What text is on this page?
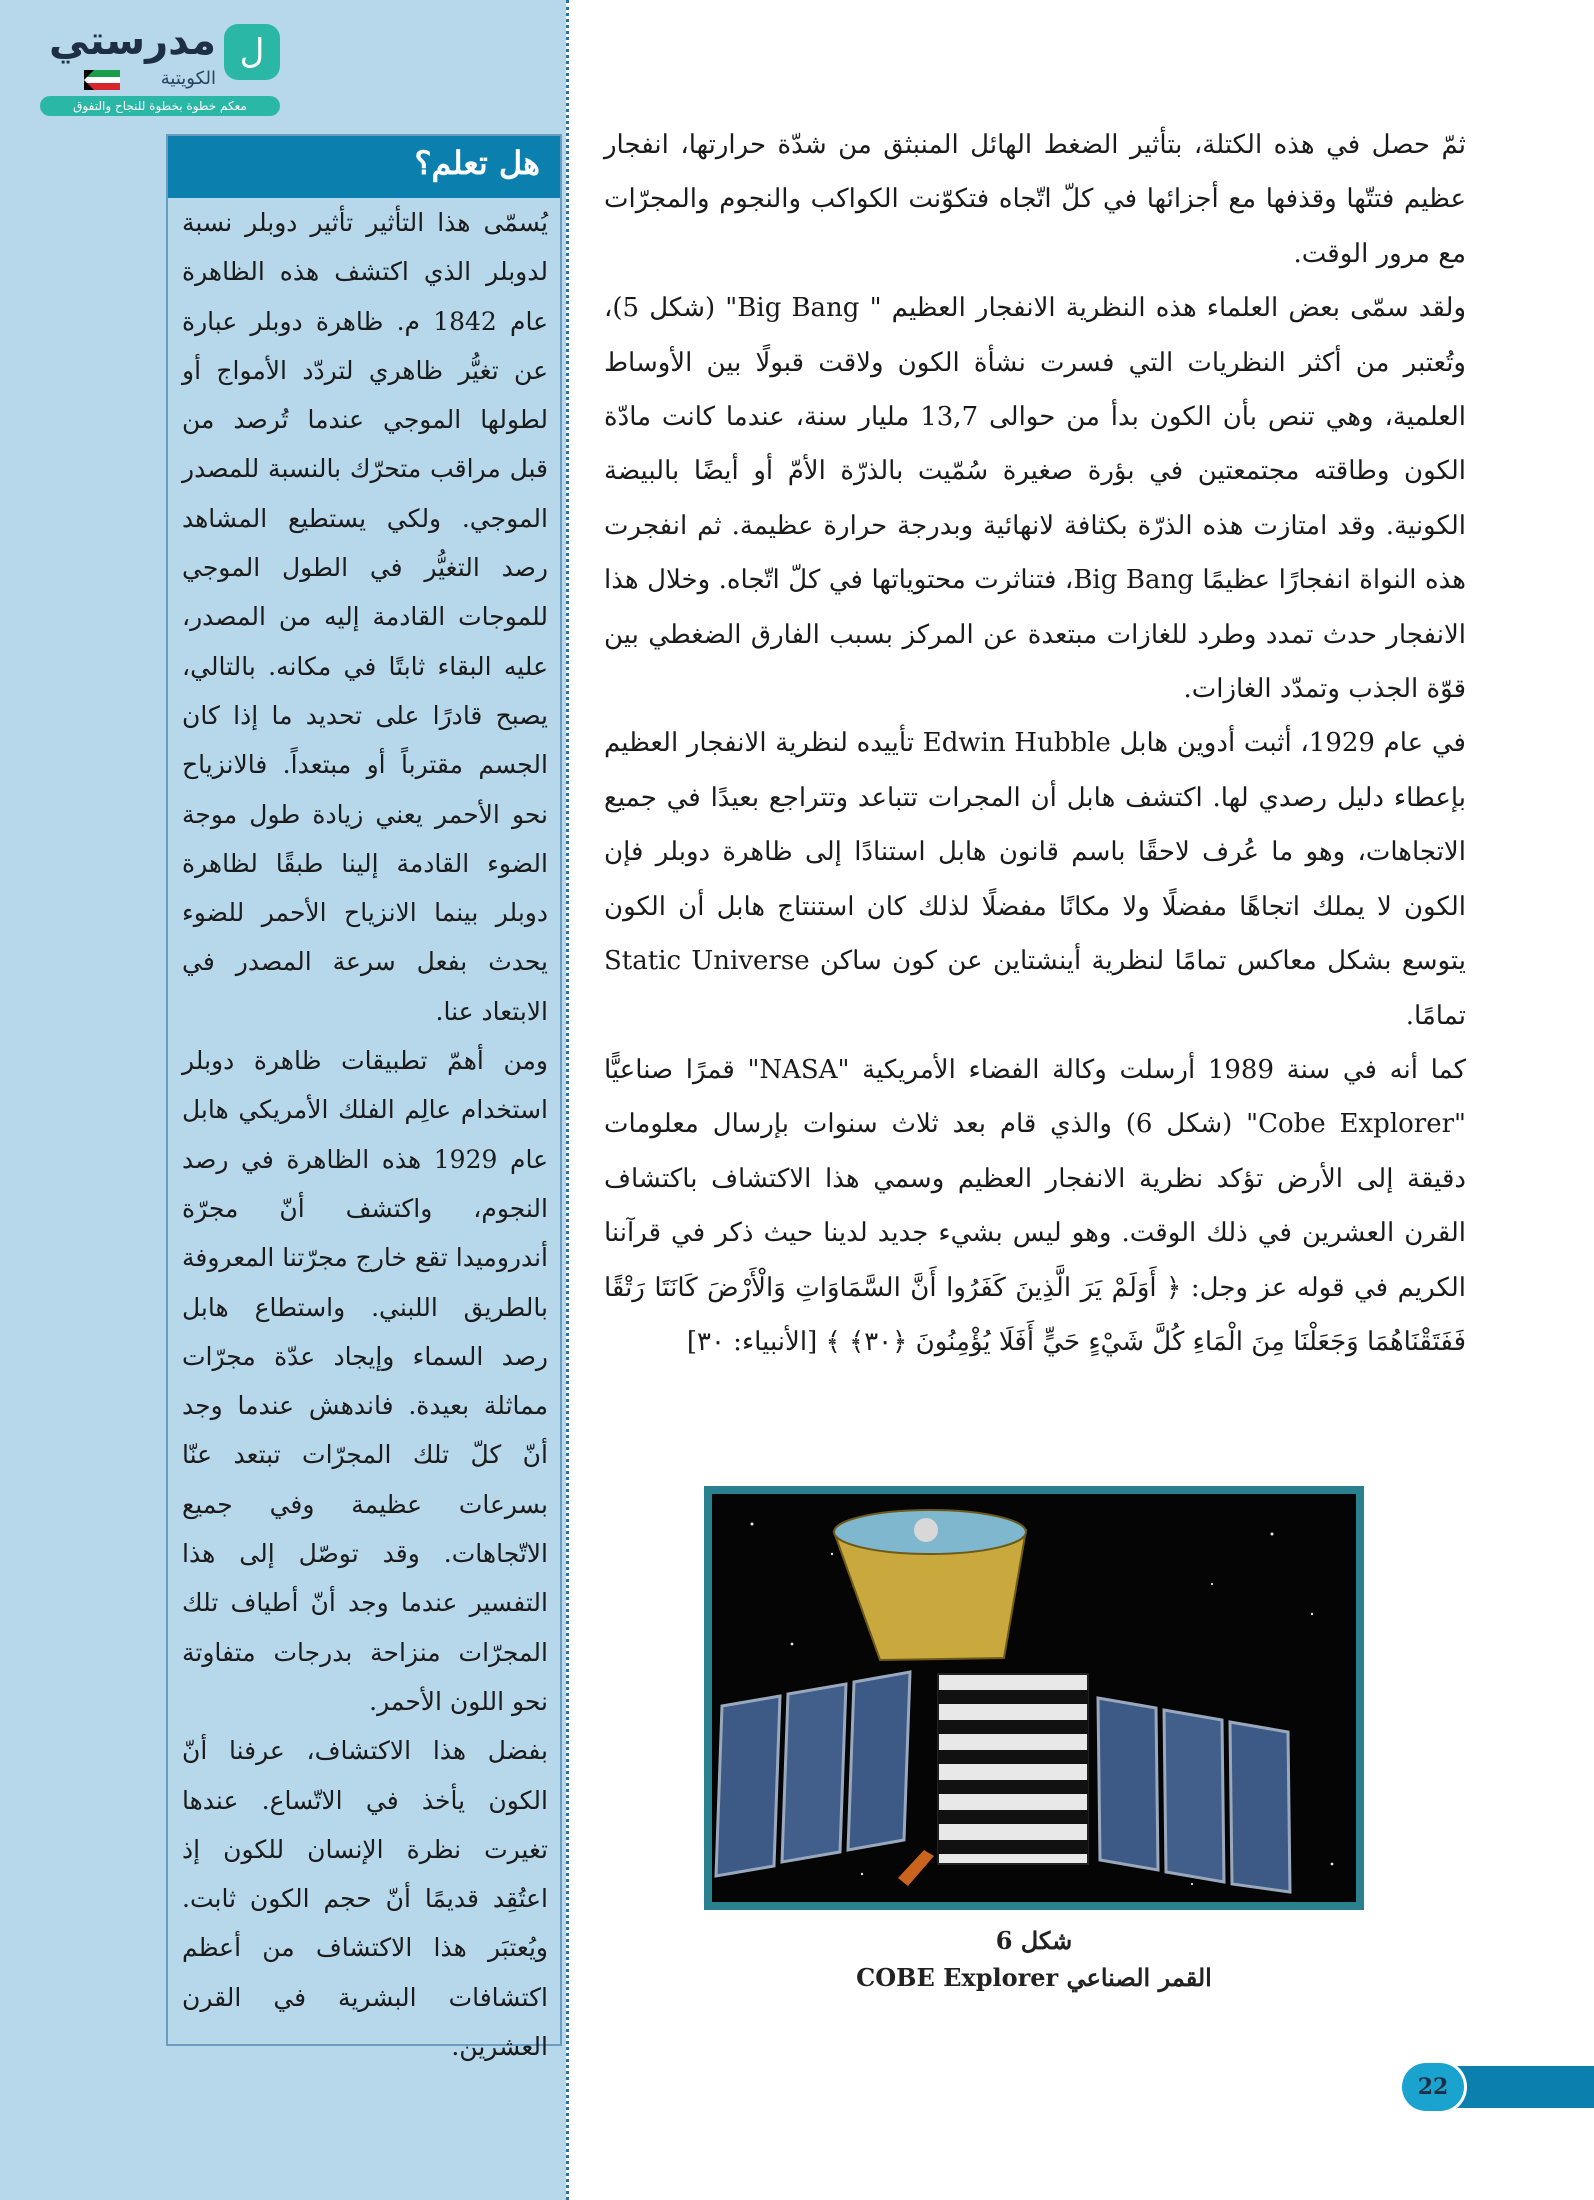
ل
مدرستي
الكويتية
معكم خطوة بخطوة للنجاح والتفوق
هل تعلم؟

يُسمّى هذا التأثير تأثير دوبلر نسبة لدوبلر الذي اكتشف هذه الظاهرة عام 1842 م. ظاهرة دوبلر عبارة عن تغيُّر ظاهري لتردّد الأمواج أو لطولها الموجي عندما تُرصد من قبل مراقب متحرّك بالنسبة للمصدر الموجي. ولكي يستطيع المشاهد رصد التغيُّر في الطول الموجي للموجات القادمة إليه من المصدر، عليه البقاء ثابتًا في مكانه. بالتالي، يصبح قادرًا على تحديد ما إذا كان الجسم مقترباً أو مبتعداً. فالانزياح نحو الأحمر يعني زيادة طول موجة الضوء القادمة إلينا طبقًا لظاهرة دوبلر بينما الانزياح الأحمر للضوء يحدث بفعل سرعة المصدر في الابتعاد عنا.

ومن أهمّ تطبيقات ظاهرة دوبلر استخدام عالِم الفلك الأمريكي هابل عام 1929 هذه الظاهرة في رصد النجوم، واكتشف أنّ مجرّة أندروميدا تقع خارج مجرّتنا المعروفة بالطريق اللبني. واستطاع هابل رصد السماء وإيجاد عدّة مجرّات مماثلة بعيدة. فاندهش عندما وجد أنّ كلّ تلك المجرّات تبتعد عنّا بسرعات عظيمة وفي جميع الاتّجاهات. وقد توصّل إلى هذا التفسير عندما وجد أنّ أطياف تلك المجرّات منزاحة بدرجات متفاوتة نحو اللون الأحمر.

بفضل هذا الاكتشاف، عرفنا أنّ الكون يأخذ في الاتّساع. عندها تغيرت نظرة الإنسان للكون إذ اعتُقِد قديمًا أنّ حجم الكون ثابت. ويُعتبَر هذا الاكتشاف من أعظم اكتشافات البشرية في القرن العشرين.

ثمّ حصل في هذه الكتلة، بتأثير الضغط الهائل المنبثق من شدّة حرارتها، انفجار عظيم فتتّها وقذفها مع أجزائها في كلّ اتّجاه فتكوّنت الكواكب والنجوم والمجرّات مع مرور الوقت.

ولقد سمّى بعض العلماء هذه النظرية الانفجار العظيم " Big Bang" (شكل 5)، وتُعتبر من أكثر النظريات التي فسرت نشأة الكون ولاقت قبولًا بين الأوساط العلمية، وهي تنص بأن الكون بدأ من حوالى 13,7 مليار سنة، عندما كانت مادّة الكون وطاقته مجتمعتين في بؤرة صغيرة سُمّيت بالذرّة الأمّ أو أيضًا بالبيضة الكونية. وقد امتازت هذه الذرّة بكثافة لانهائية وبدرجة حرارة عظيمة. ثم انفجرت هذه النواة انفجارًا عظيمًا Big Bang، فتناثرت محتوياتها في كلّ اتّجاه. وخلال هذا الانفجار حدث تمدد وطرد للغازات مبتعدة عن المركز بسبب الفارق الضغطي بين قوّة الجذب وتمدّد الغازات.

في عام 1929، أثبت أدوين هابل Edwin Hubble تأييده لنظرية الانفجار العظيم بإعطاء دليل رصدي لها. اكتشف هابل أن المجرات تتباعد وتتراجع بعيدًا في جميع الاتجاهات، وهو ما عُرف لاحقًا باسم قانون هابل استنادًا إلى ظاهرة دوبلر فإن الكون لا يملك اتجاهًا مفضلًا ولا مكانًا مفضلًا لذلك كان استنتاج هابل أن الكون يتوسع بشكل معاكس تمامًا لنظرية أينشتاين عن كون ساكن Static Universe تمامًا.

كما أنه في سنة 1989 أرسلت وكالة الفضاء الأمريكية "NASA" قمرًا صناعيًّا "Cobe Explorer" (شكل 6) والذي قام بعد ثلاث سنوات بإرسال معلومات دقيقة إلى الأرض تؤكد نظرية الانفجار العظيم وسمي هذا الاكتشاف باكتشاف القرن العشرين في ذلك الوقت. وهو ليس بشيء جديد لدينا حيث ذكر في قرآننا الكريم في قوله عز وجل: ﴿ أَوَلَمْ يَرَ الَّذِينَ كَفَرُوا أَنَّ السَّمَاوَاتِ وَالْأَرْضَ كَانَتَا رَتْقًا فَفَتَقْنَاهُمَا وَجَعَلْنَا مِنَ الْمَاءِ كُلَّ شَيْءٍ حَيٍّ أَفَلَا يُؤْمِنُونَ ﴿٣٠﴾ ﴾ [الأنبياء: ٣٠]

شكل 6
القمر الصناعي COBE Explorer
22
